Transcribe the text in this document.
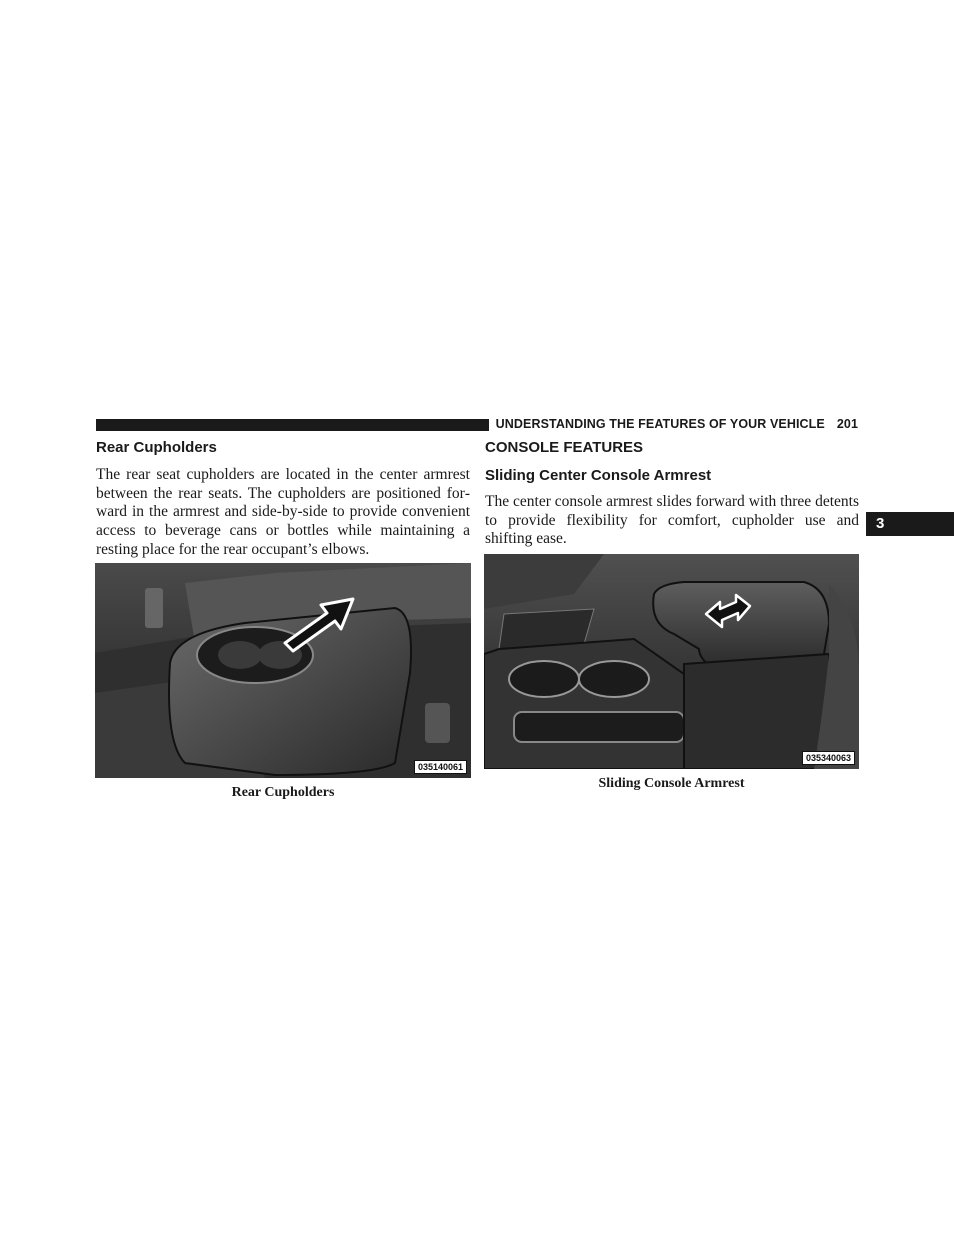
UNDERSTANDING THE FEATURES OF YOUR VEHICLE 201
3
Rear Cupholders

The rear seat cupholders are located in the center armrest between the rear seats. The cupholders are positioned forward in the armrest and side-by-side to provide convenient access to beverage cans or bottles while maintaining a resting place for the rear occupant’s elbows.

035140061
Rear Cupholders
CONSOLE FEATURES
Sliding Center Console Armrest

The center console armrest slides forward with three detents to provide flexibility for comfort, cupholder use and shifting ease.

035340063
Sliding Console Armrest
